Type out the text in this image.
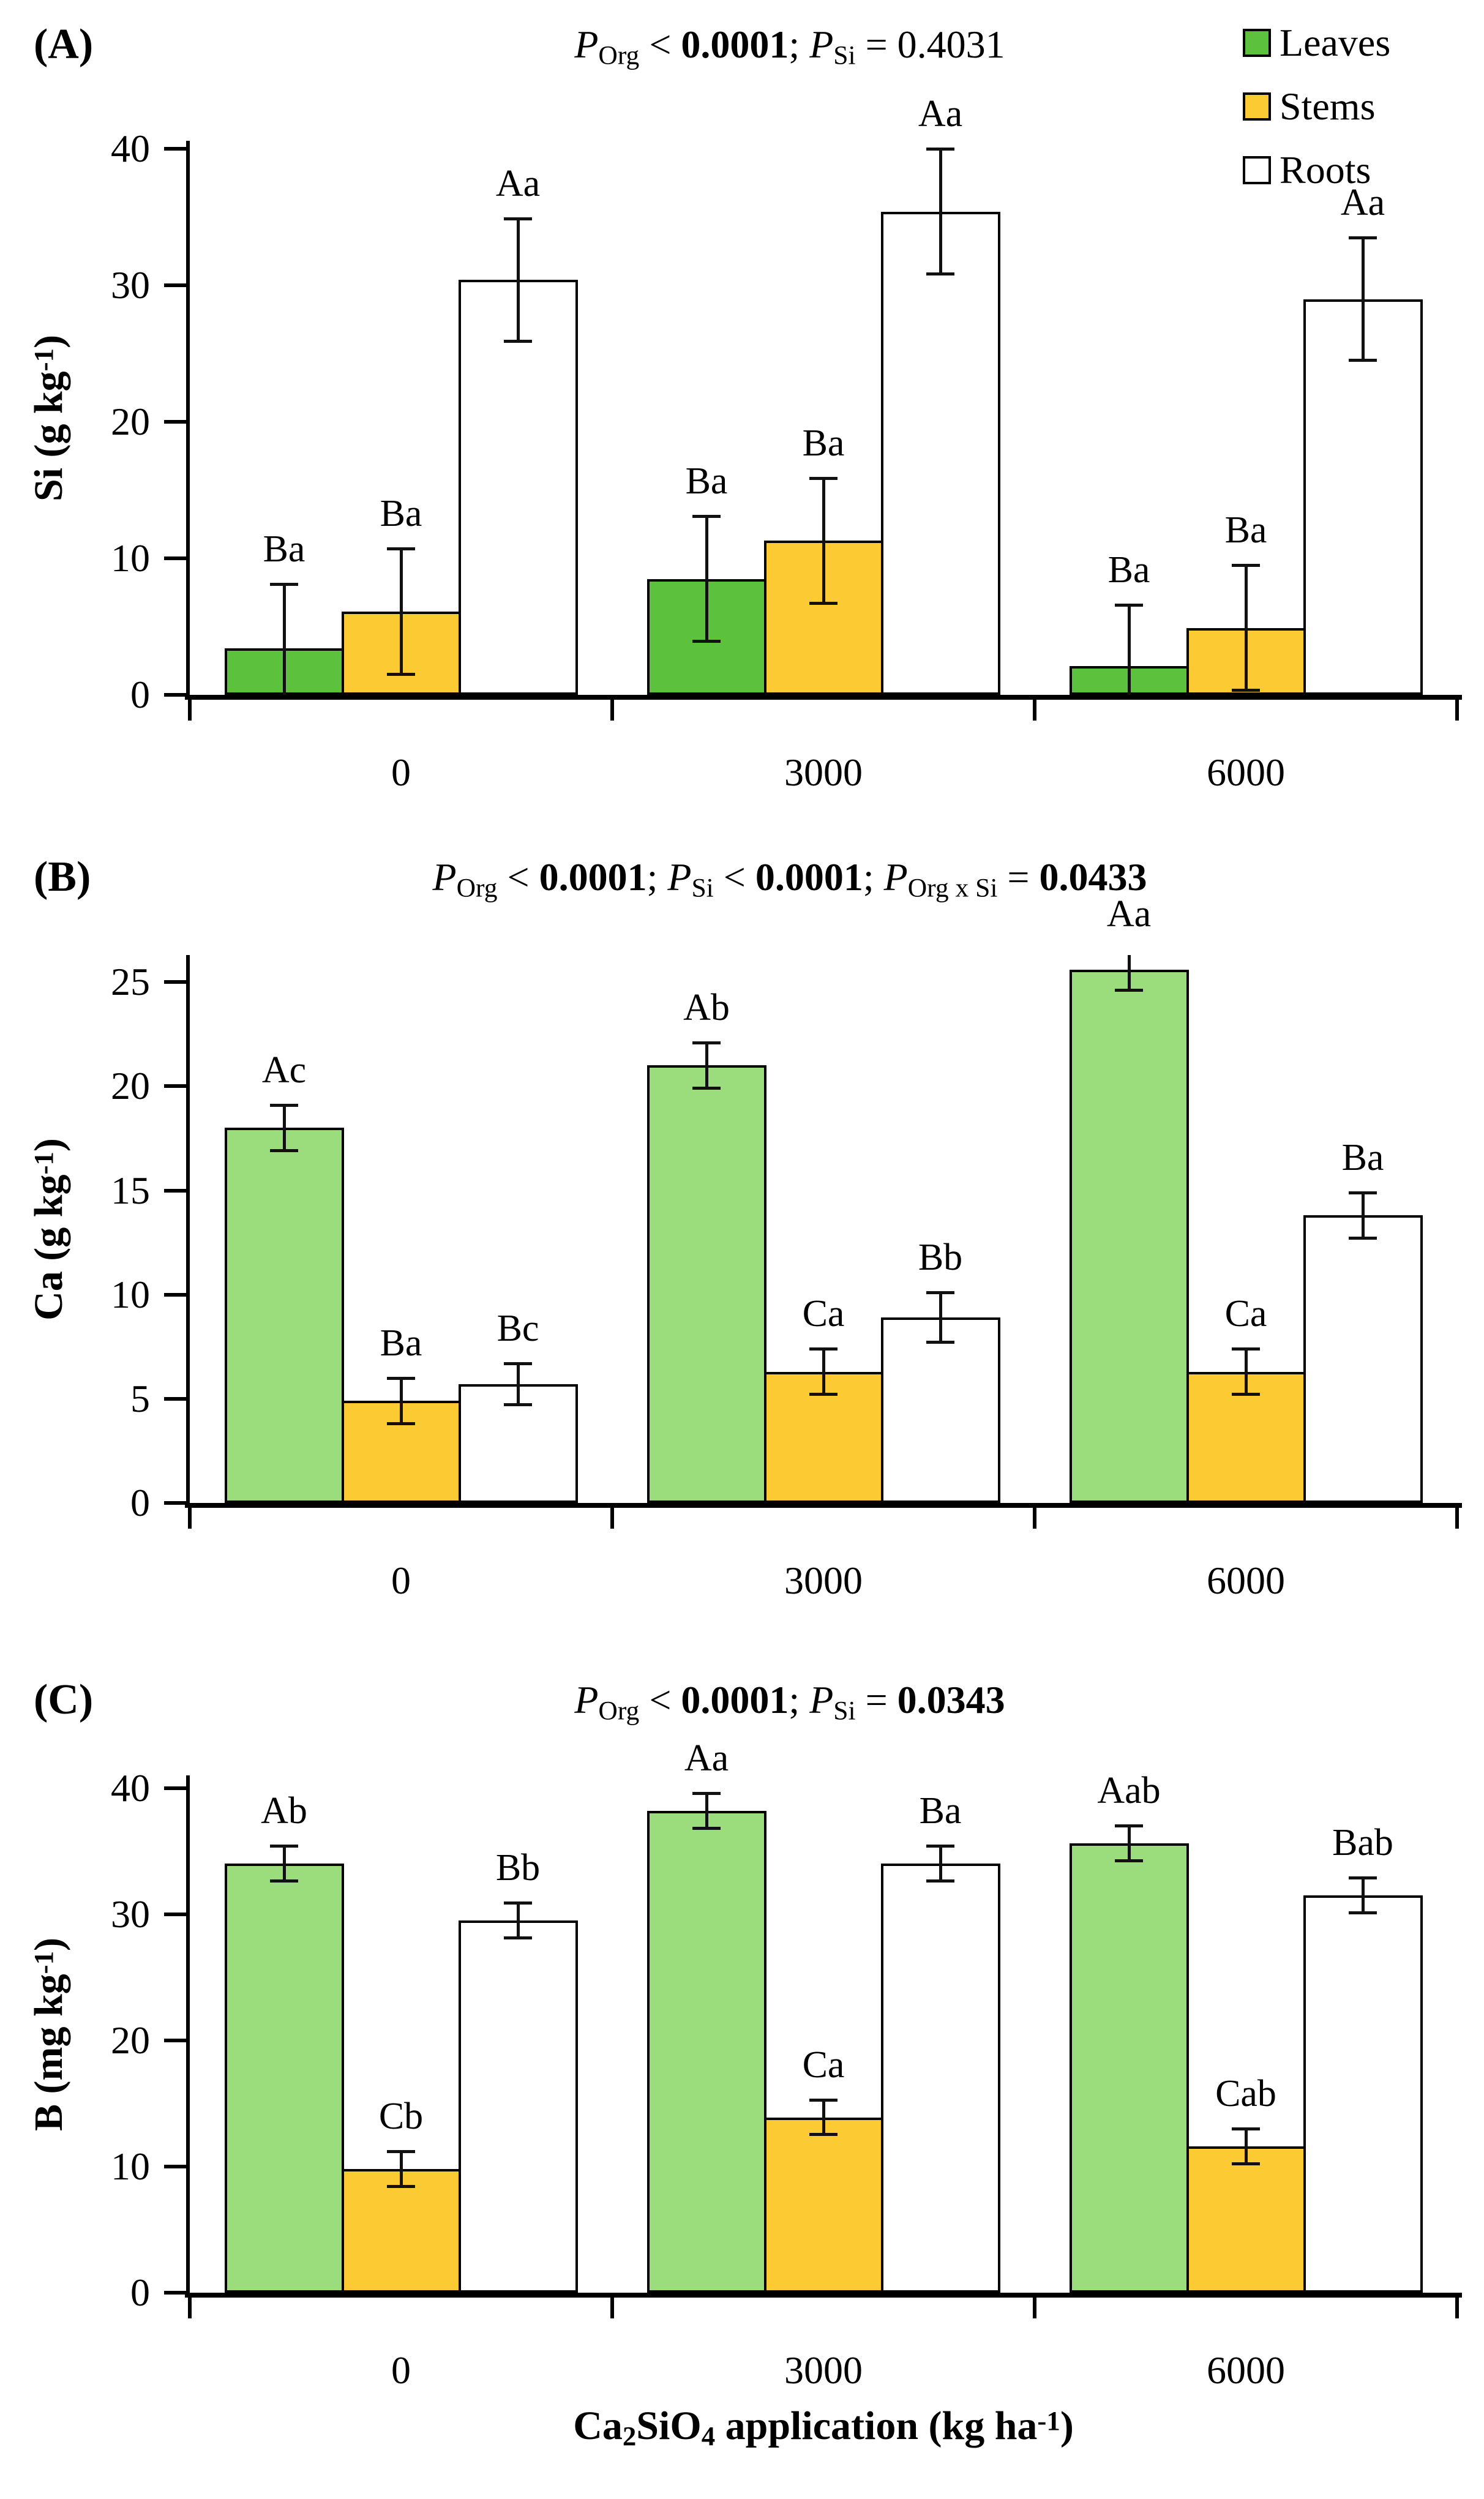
(A)	POrg < 0.0001; PSi = 0.4031
0
10
20
30
40
Ba
Ba
Aa
0
Ba
Ba
Aa
3000
Ba
Ba
Aa
6000
Si (g $kg^{-1}$)
(B)	POrg < 0.0001; PSi < 0.0001; POrg x Si = 0.0433
0
5
10
15
20
25
Ac
Ba Bc
0
Ab
Ca
Bb
3000
Aa
Ca
Ba
6000
Ca (g $kg^{-1}$)
(C)	POrg < 0.0001; PSi = 0.0343
0
10
20
30
40
Ab
Cb
Bb
0
Aa
Ca
Ba
3000
Aab
Cab
Bab
6000
B (mg $kg^{-1}$)
Leaves
Stems
Roots
Ca2SiO4 application (kg $ha^{-1}$)
